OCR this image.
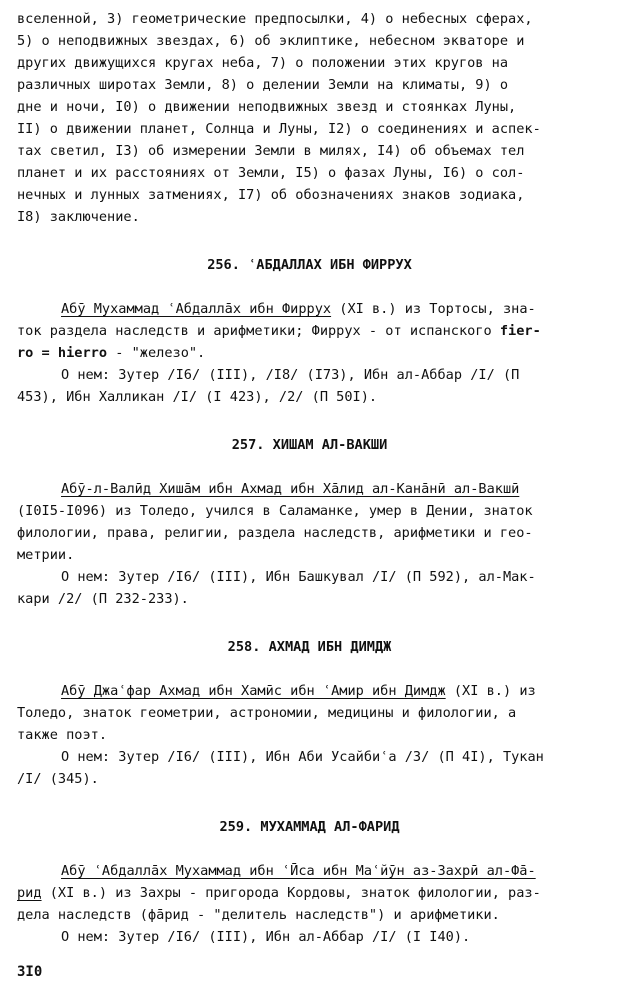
вселенной, 3) геометрические предпосылки, 4) о небесных сферах,
5) о неподвижных звездах, 6) об эклиптике, небесном экваторе и
других движущихся кругах неба, 7) о положении этих кругов на
различных широтах Земли, 8) о делении Земли на климаты, 9) о
дне и ночи, I0) о движении неподвижных звезд и стоянках Луны,
II) о движении планет, Солнца и Луны, I2) о соединениях и аспек-
тах светил, I3) об измерении Земли в милях, I4) об объемах тел
планет и их расстояниях от Земли, I5) о фазах Луны, I6) о сол-
нечных и лунных затмениях, I7) об обозначениях знаков зодиака,
I8) заключение.
256. ʿАБДАЛЛАХ ИБН ФИРРУХ
Абӯ Мухаммад ʿАбдаллāх ибн Фиррух (XI в.) из Тортосы, зна-
ток раздела наследств и арифметики; Фиррух - от испанского fier-
ro = hierro - "железо".
О нем: Зутер /I6/ (III), /I8/ (I73), Ибн ал-Аббар /I/ (П
453), Ибн Халликан /I/ (I 423), /2/ (П 50I).
257. ХИШАМ АЛ-ВАКШИ
Абӯ-л-Валӣд Хишāм ибн Ахмад ибн Хāлид ал-Канāнӣ ал-Вакшӣ
(I0I5-I096) из Толедо, учился в Саламанке, умер в Дении, знаток
филологии, права, религии, раздела наследств, арифметики и гео-
метрии.
О нем: Зутер /I6/ (III), Ибн Башкувал /I/ (П 592), ал-Мак-
кари /2/ (П 232-233).
258. АХМАД ИБН ДИМДЖ
Абӯ Джаʿфар Ахмад ибн Хамӣс ибн ʿАмир ибн Димдж (XI в.) из
Толедо, знаток геометрии, астрономии, медицины и филологии, а
также поэт.
О нем: Зутер /I6/ (III), Ибн Аби Усайбиʿа /3/ (П 4I), Тукан
/I/ (345).
259. МУХАММАД АЛ-ФАРИД
Абӯ ʿАбдаллāх Мухаммад ибн ʿӢса ибн Маʿйӯн аз-Захрӣ ал-Фā-
рид (XI в.) из Захры - пригорода Кордовы, знаток филологии, раз-
дела наследств (фāрид - "делитель наследств") и арифметики.
О нем: Зутер /I6/ (III), Ибн ал-Аббар /I/ (I I40).
3I0
